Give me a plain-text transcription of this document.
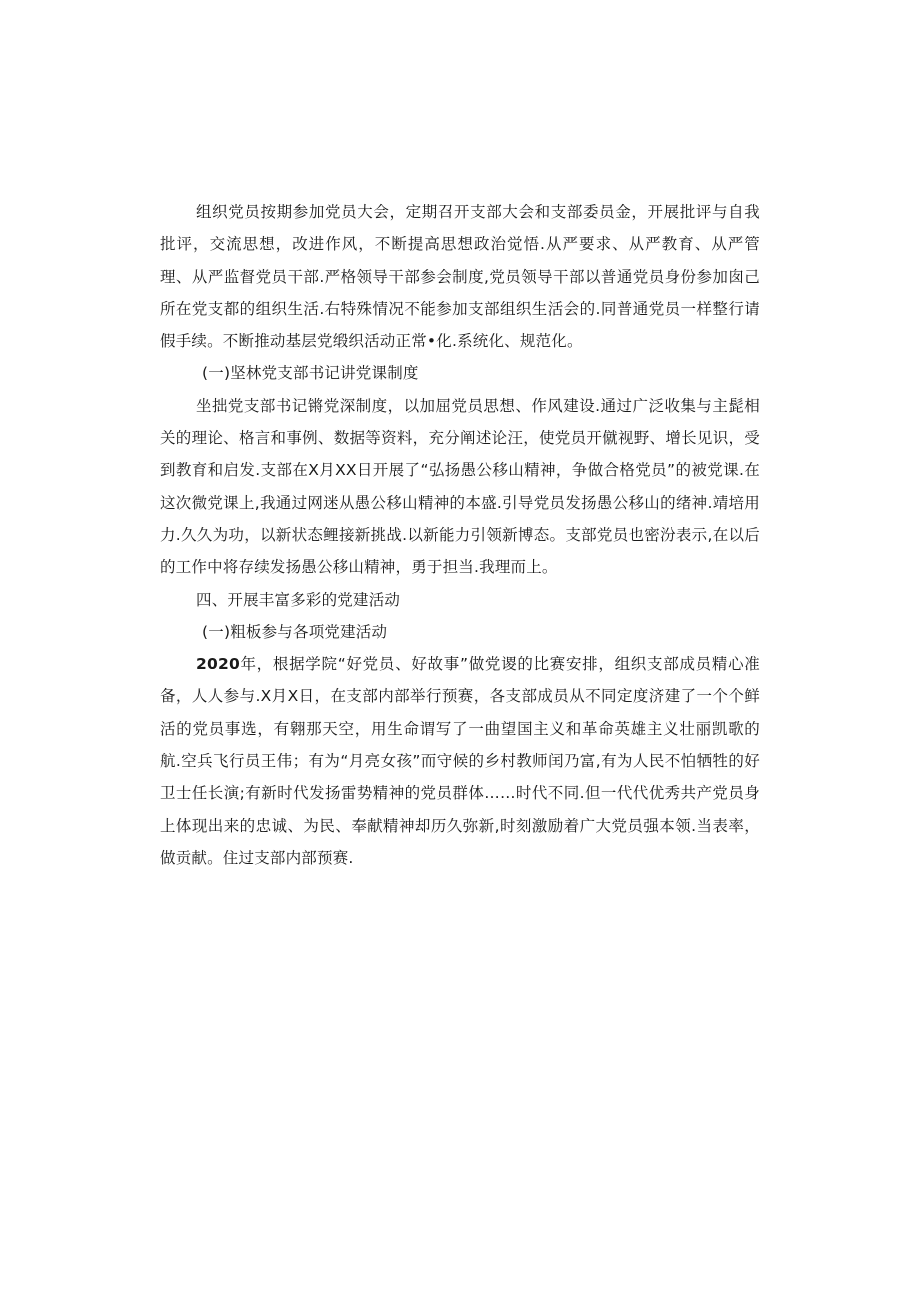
组织党员按期参加党员大会，定期召开支部大会和支部委员金，开展批评与自我批评，交流思想，改进作风，不断提高思想政治觉悟.从严要求、从严教育、从严管理、从严监督党员干部.严格领导干部参会制度,党员领导干部以普通党员身份参加囱己所在党支都的组织生活.右特殊情况不能参加支部组织生活会的.同普通党员一样整行请假手续。不断推动基层党缎织活动正常•化.系统化、规范化。

(一)坚林党支部书记讲党课制度

坐拙党支部书记锵党深制度，以加屈党员思想、作风建设.通过广泛收集与主髭相关的理论、格言和事例、数据等资料，充分阐述论汪，使党员开僦视野、增长见识，受到教育和启发.支部在X月XX日开展了“弘扬愚公移山精神，争做合格党员”的被党课.在这次微党课上,我通过网迷从愚公移山精神的本盛.引导党员发扬愚公移山的绪神.靖培用力.久久为功，以新状态鲤接新挑战.以新能力引领新博态。支部党员也密汾表示,在以后的工作中将存续发扬愚公移山精神，勇于担当.我理而上。

四、开展丰富多彩的党建活动

(一)粗板参与各项党建活动

2020年，根据学院“好党员、好故事”做党谡的比赛安排，组织支部成员精心准备，人人参与.X月X日，在支部内部举行预赛，各支部成员从不同定度济建了一个个鲜活的党员事选，有翱那天空，用生命谓写了一曲望国主义和革命英雄主义壮丽凯歌的航.空兵飞行员王伟；有为“月亮女孩”而守候的乡村教师闰乃富,有为人民不怕牺牲的好卫士任长演;有新时代发扬雷势精神的党员群体……时代不同.但一代代优秀共产党员身上体现出来的忠诚、为民、奉献精神却历久弥新,时刻激励着广大党员强本领.当表率，做贡献。住过支部内部预赛.
